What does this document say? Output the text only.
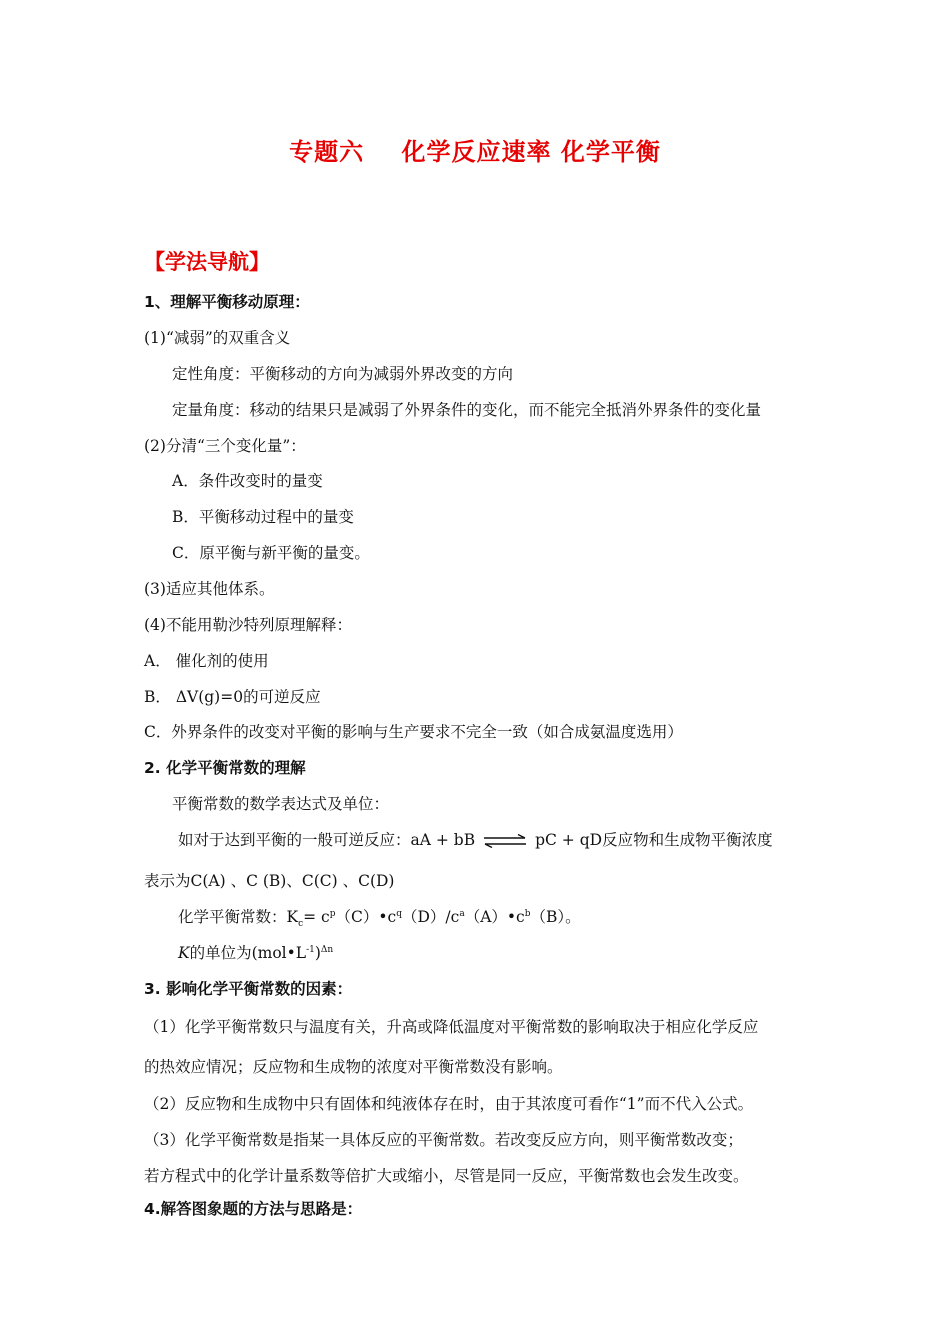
专题六    化学反应速率 化学平衡
【学法导航】
1、理解平衡移动原理：
(1)“减弱”的双重含义
定性角度：平衡移动的方向为减弱外界改变的方向
定量角度：移动的结果只是减弱了外界条件的变化，而不能完全抵消外界条件的变化量
(2)分清“三个变化量”：
A．条件改变时的量变
B．平衡移动过程中的量变
C．原平衡与新平衡的量变。
(3)适应其他体系。
(4)不能用勒沙特列原理解释：
A． 催化剂的使用
B． ΔV(g)=0的可逆反应
C．外界条件的改变对平衡的影响与生产要求不完全一致（如合成氨温度选用）
2. 化学平衡常数的理解
平衡常数的数学表达式及单位：
如对于达到平衡的一般可逆反应：aA + bB ⇌ pC + qD反应物和生成物平衡浓度
表示为C(A) 、C (B)、C(C) 、C(D)
化学平衡常数：$K_c=$ $c^p(C)•c^q(D)/c^a(A)•c^b(B)$。
K的单位为$(mol•L^{-1})^{\Delta n}$
3. 影响化学平衡常数的因素：
（1）化学平衡常数只与温度有关，升高或降低温度对平衡常数的影响取决于相应化学反应
的热效应情况；反应物和生成物的浓度对平衡常数没有影响。
（2）反应物和生成物中只有固体和纯液体存在时，由于其浓度可看作“1”而不代入公式。
（3）化学平衡常数是指某一具体反应的平衡常数。若改变反应方向，则平衡常数改变；
若方程式中的化学计量系数等倍扩大或缩小，尽管是同一反应，平衡常数也会发生改变。
4.解答图象题的方法与思路是：
